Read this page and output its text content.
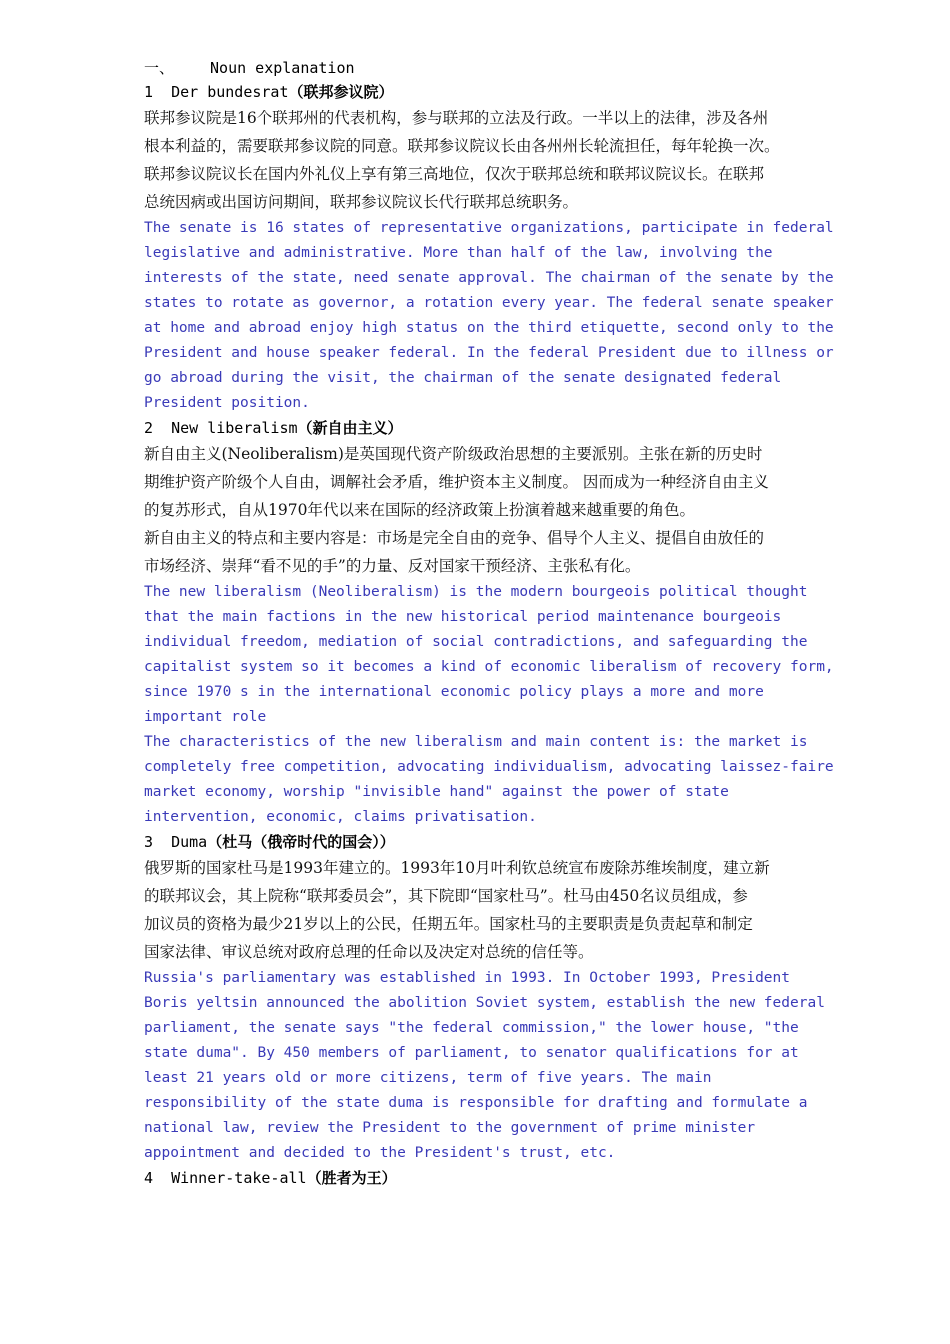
一、 Noun explanation
1 Der bundesrat（联邦参议院）
联邦参议院是16个联邦州的代表机构，参与联邦的立法及行政。一半以上的法律，涉及各州
根本利益的，需要联邦参议院的同意。联邦参议院议长由各州州长轮流担任，每年轮换一次。
联邦参议院议长在国内外礼仪上享有第三高地位，仅次于联邦总统和联邦议院议长。在联邦
总统因病或出国访问期间，联邦参议院议长代行联邦总统职务。
The senate is 16 states of representative organizations, participate in federal
legislative and administrative. More than half of the law, involving the
interests of the state, need senate approval. The chairman of the senate by the
states to rotate as governor, a rotation every year. The federal senate speaker
at home and abroad enjoy high status on the third etiquette, second only to the
President and house speaker federal. In the federal President due to illness or
go abroad during the visit, the chairman of the senate designated federal
President position.
2 New liberalism（新自由主义）
新自由主义(Neoliberalism)是英国现代资产阶级政治思想的主要派别。主张在新的历史时
期维护资产阶级个人自由，调解社会矛盾，维护资本主义制度。 因而成为一种经济自由主义
的复苏形式，自从1970年代以来在国际的经济政策上扮演着越来越重要的角色。
新自由主义的特点和主要内容是：市场是完全自由的竞争、倡导个人主义、提倡自由放任的
市场经济、崇拜“看不见的手”的力量、反对国家干预经济、主张私有化。
The new liberalism (Neoliberalism) is the modern bourgeois political thought
that the main factions in the new historical period maintenance bourgeois
individual freedom, mediation of social contradictions, and safeguarding the
capitalist system so it becomes a kind of economic liberalism of recovery form,
since 1970 s in the international economic policy plays a more and more
important role
The characteristics of the new liberalism and main content is: the market is
completely free competition, advocating individualism, advocating laissez-faire
market economy, worship "invisible hand" against the power of state
intervention, economic, claims privatisation.
3 Duma（杜马（俄帝时代的国会））
俄罗斯的国家杜马是1993年建立的。1993年10月叶利钦总统宣布废除苏维埃制度，建立新
的联邦议会，其上院称“联邦委员会”，其下院即“国家杜马”。杜马由450名议员组成，参
加议员的资格为最少21岁以上的公民，任期五年。国家杜马的主要职责是负责起草和制定
国家法律、审议总统对政府总理的任命以及决定对总统的信任等。
Russia's parliamentary was established in 1993. In October 1993, President
Boris yeltsin announced the abolition Soviet system, establish the new federal
parliament, the senate says "the federal commission," the lower house, "the
state duma". By 450 members of parliament, to senator qualifications for at
least 21 years old or more citizens, term of five years. The main
responsibility of the state duma is responsible for drafting and formulate a
national law, review the President to the government of prime minister
appointment and decided to the President's trust, etc.
4 Winner-take-all（胜者为王）
